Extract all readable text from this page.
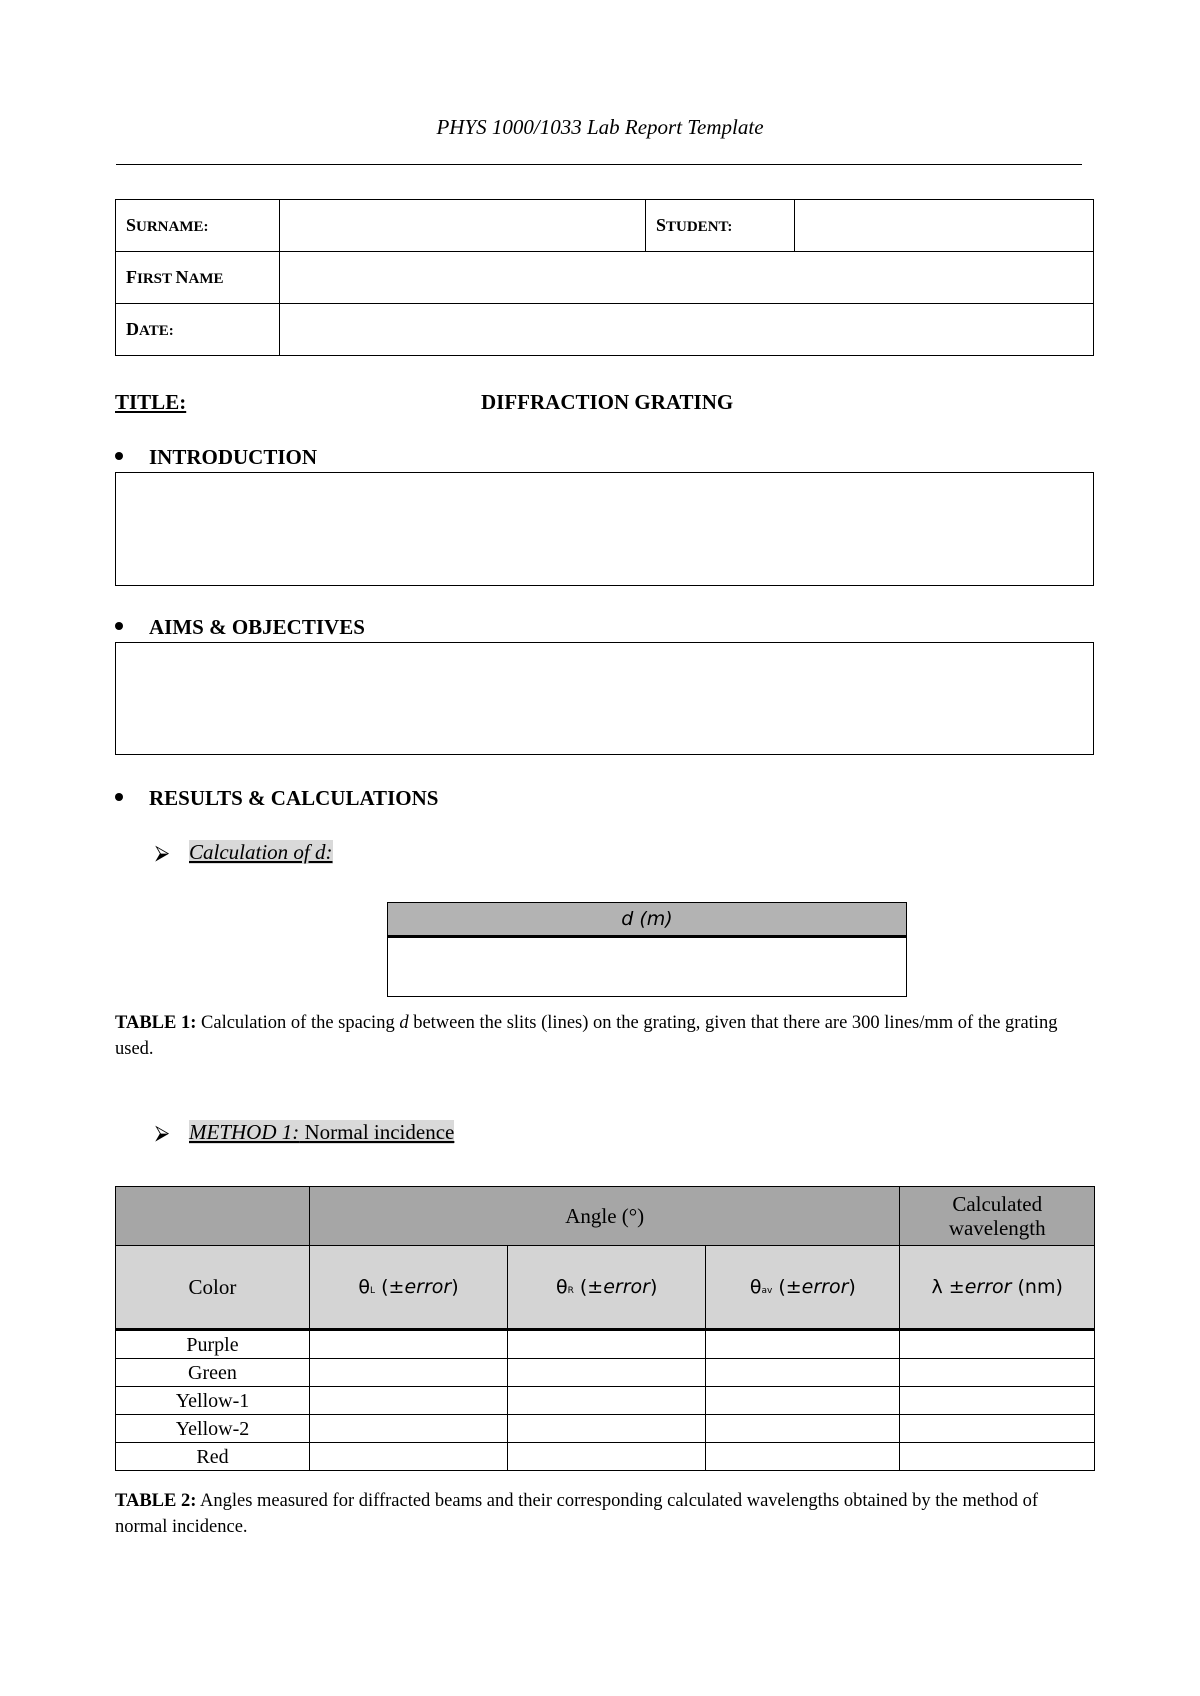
PHYS 1000/1033 Lab Report Template
SURNAME:		STUDENT:	
FIRST NAME			
DATE:			
TITLE:	DIFFRACTION GRATING
INTRODUCTION
AIMS & OBJECTIVES
RESULTS & CALCULATIONS
⮚ Calculation of d:
d (m)

TABLE 1: Calculation of the spacing d between the slits (lines) on the grating, given that there are 300 lines/mm of the grating used.
⮚ METHOD 1: Normal incidence
	Angle (°)			Calculated wavelength
Color	θL (±error)	θR (±error)	θav (±error)	λ ±error (nm)
Purple				
Green				
Yellow-1				
Yellow-2				
Red				
TABLE 2: Angles measured for diffracted beams and their corresponding calculated wavelengths obtained by the method of normal incidence.
